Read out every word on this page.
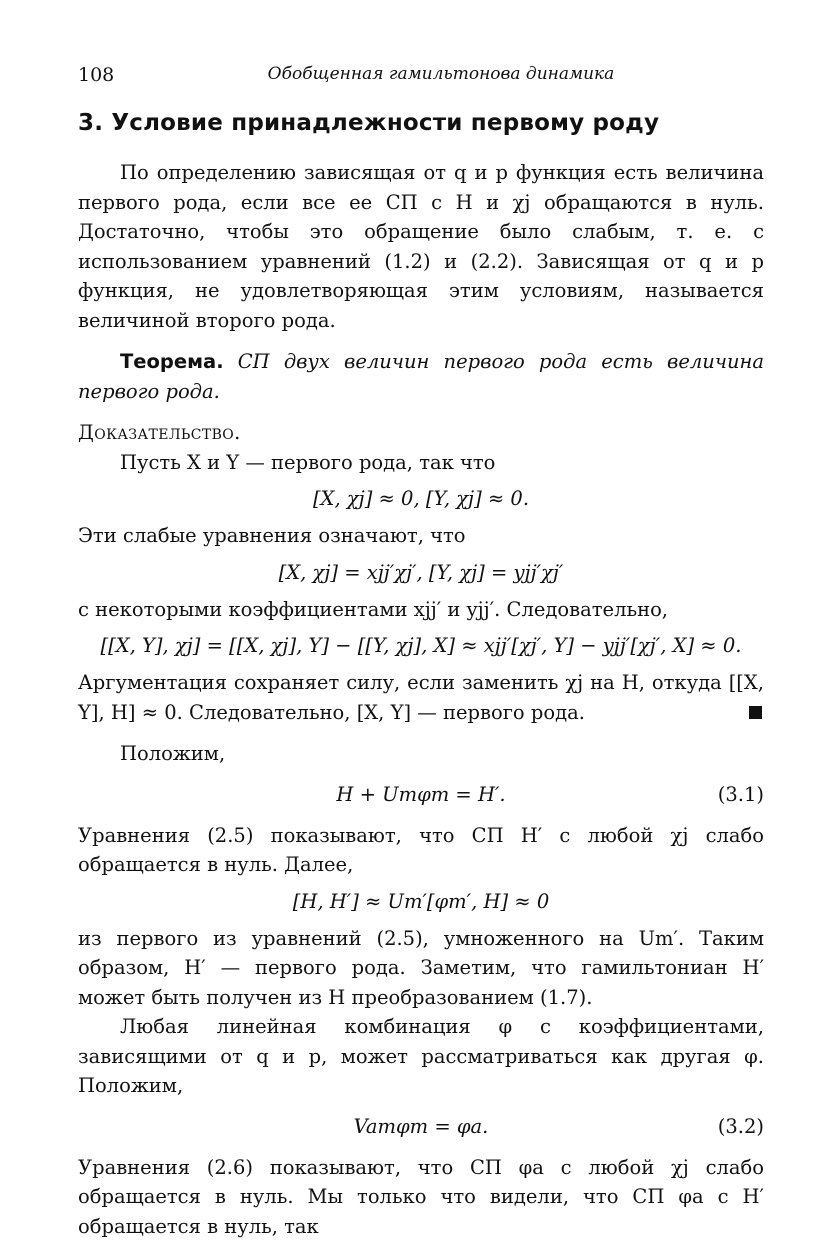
108	Обобщенная гамильтонова динамика
3. Условие принадлежности первому роду

По определению зависящая от q и p функция есть величина первого рода, если все ее СП с H и χj обращаются в нуль. Достаточно, чтобы это обращение было слабым, т. е. с использованием уравнений (1.2) и (2.2). Зависящая от q и p функция, не удовлетворяющая этим условиям, называется величиной второго рода.

Теорема. СП двух величин первого рода есть величина первого рода.

Доказательство.

Пусть X и Y — первого рода, так что

[X, χj] ≈ 0, [Y, χj] ≈ 0.

Эти слабые уравнения означают, что

[X, χj] = xjj′χj′, [Y, χj] = yjj′χj′

с некоторыми коэффициентами xjj′ и yjj′. Следовательно,

[[X, Y], χj] = [[X, χj], Y] − [[Y, χj], X] ≈ xjj′[χj′, Y] − yjj′[χj′, X] ≈ 0.

Аргументация сохраняет силу, если заменить χj на H, откуда [[X, Y], H] ≈ 0. Следовательно, [X, Y] — первого рода.

Положим,

H + Umφm = H′.	(3.1)

Уравнения (2.5) показывают, что СП H′ с любой χj слабо обращается в нуль. Далее,

[H, H′] ≈ Um′[φm′, H] ≈ 0

из первого из уравнений (2.5), умноженного на Um′. Таким образом, H′ — первого рода. Заметим, что гамильтониан H′ может быть получен из H преобразованием (1.7).

Любая линейная комбинация φ с коэффициентами, зависящими от q и p, может рассматриваться как другая φ. Положим,

Vamφm = φa.	(3.2)

Уравнения (2.6) показывают, что СП φa с любой χj слабо обращается в нуль. Мы только что видели, что СП φa с H′ обращается в нуль, так
